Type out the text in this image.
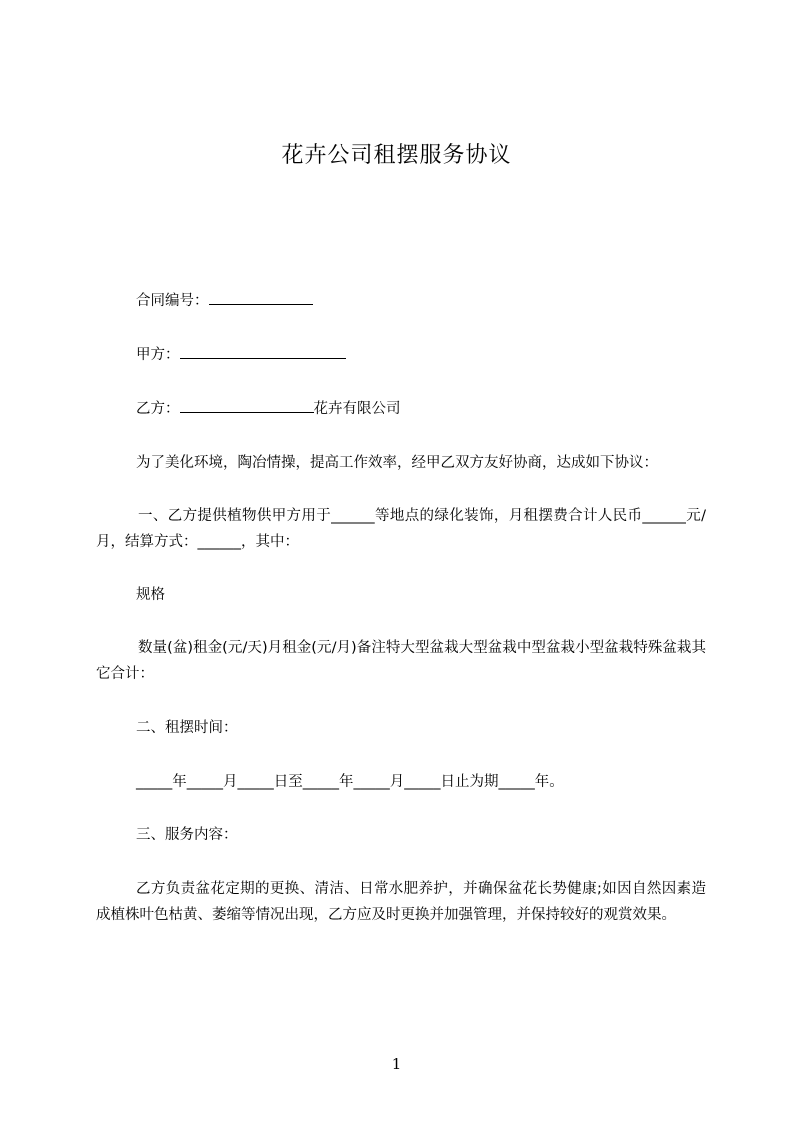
花卉公司租摆服务协议
合同编号：
甲方：
乙方：	花卉有限公司
为了美化环境，陶冶情操，提高工作效率，经甲乙双方友好协商，达成如下协议：
一、乙方提供植物供甲方用于______等地点的绿化装饰，月租摆费合计人民币______元/月，结算方式：______，其中：
规格
数量(盆)租金(元/天)月租金(元/月)备注特大型盆栽大型盆栽中型盆栽小型盆栽特殊盆栽其它合计：
二、租摆时间：
_____年_____月_____日至_____年_____月_____日止为期_____年。
三、服务内容：
乙方负责盆花定期的更换、清洁、日常水肥养护，并确保盆花长势健康;如因自然因素造成植株叶色枯黄、萎缩等情况出现，乙方应及时更换并加强管理，并保持较好的观赏效果。
1
